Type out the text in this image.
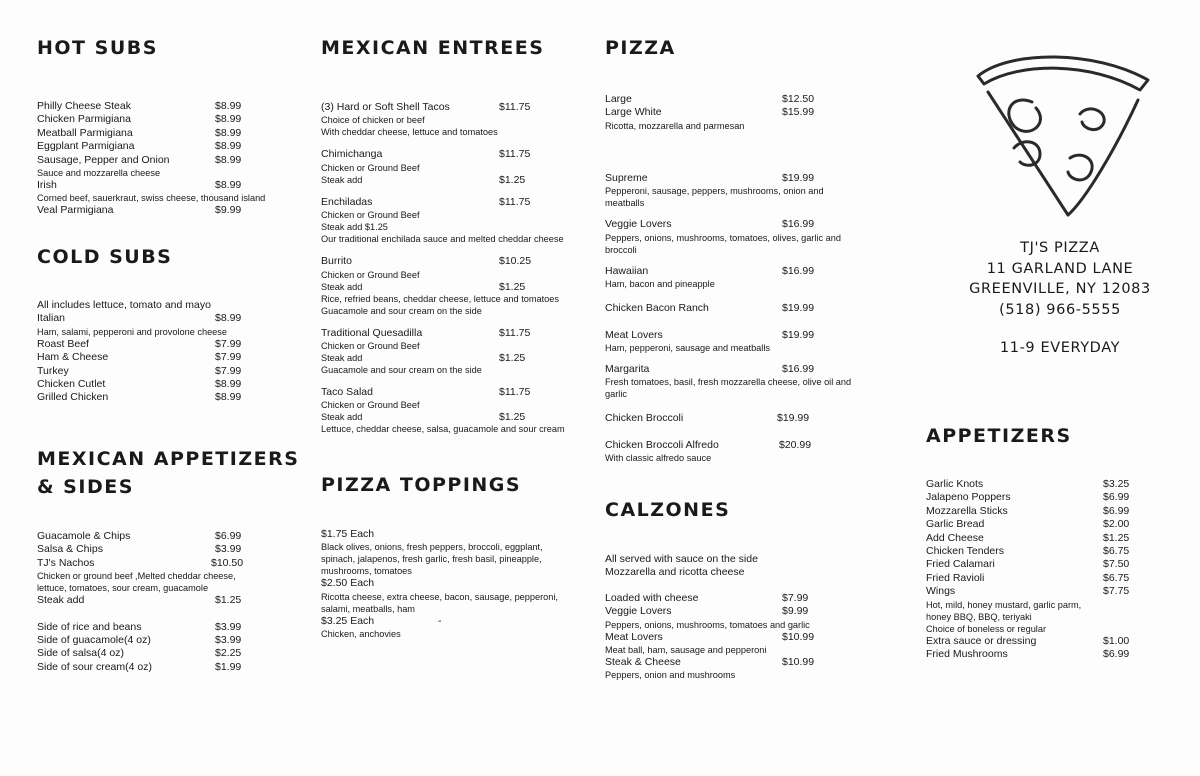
HOT SUBS
Philly Cheese Steak	$8.99
Chicken Parmigiana	$8.99
Meatball Parmigiana	$8.99
Eggplant Parmigiana	$8.99
Sausage, Pepper and Onion	$8.99
Sauce and mozzarella cheese
Irish	$8.99
Corned beef, sauerkraut, swiss cheese, thousand island
Veal Parmigiana	$9.99
COLD SUBS
All includes lettuce, tomato and mayo
Italian	$8.99
Ham, salami, pepperoni and provolone cheese
Roast Beef	$7.99
Ham & Cheese	$7.99
Turkey	$7.99
Chicken Cutlet	$8.99
Grilled Chicken	$8.99
MEXICAN APPETIZERS
& SIDES
Guacamole & Chips	$6.99
Salsa & Chips	$3.99
TJ's Nachos	$10.50
Chicken or ground beef ,Melted cheddar cheese,
lettuce, tomatoes, sour cream, guacamole
Steak add	$1.25
Side of rice and beans	$3.99
Side of guacamole(4 oz)	$3.99
Side of salsa(4 oz)	$2.25
Side of sour cream(4 oz)	$1.99
MEXICAN ENTREES
(3) Hard or Soft Shell Tacos	$11.75
Choice of chicken or beef
With cheddar cheese, lettuce and tomatoes
Chimichanga	$11.75
Chicken or Ground Beef
Steak add	$1.25
Enchiladas	$11.75
Chicken or Ground Beef
Steak add $1.25
Our traditional enchilada sauce and melted cheddar cheese
Burrito	$10.25
Chicken or Ground Beef
Steak add	$1.25
Rice, refried beans, cheddar cheese, lettuce and tomatoes
Guacamole and sour cream on the side
Traditional Quesadilla	$11.75
Chicken or Ground Beef
Steak add	$1.25
Guacamole and sour cream on the side
Taco Salad	$11.75
Chicken or Ground Beef
Steak add	$1.25
Lettuce, cheddar cheese, salsa, guacamole and sour cream
PIZZA TOPPINGS
$1.75 Each
Black olives, onions, fresh peppers, broccoli, eggplant,
spinach, jalapenos, fresh garlic, fresh basil, pineapple,
mushrooms, tomatoes
$2.50 Each
Ricotta cheese, extra cheese, bacon, sausage, pepperoni,
salami, meatballs, ham
$3.25 Each	-
Chicken, anchovies
PIZZA
Large	$12.50
Large White	$15.99
Ricotta, mozzarella and parmesan
Supreme	$19.99
Pepperoni, sausage, peppers, mushrooms, onion and
meatballs
Veggie Lovers	$16.99
Peppers, onions, mushrooms, tomatoes, olives, garlic and
broccoli
Hawaiian	$16.99
Ham, bacon and pineapple
Chicken Bacon Ranch	$19.99
Meat Lovers	$19.99
Ham, pepperoni, sausage and meatballs
Margarita	$16.99
Fresh tomatoes, basil, fresh mozzarella cheese, olive oil and
garlic
Chicken Broccoli	$19.99
Chicken Broccoli Alfredo	$20.99
With classic alfredo sauce
CALZONES
All served with sauce on the side
Mozzarella and ricotta cheese
Loaded with cheese	$7.99
Veggie Lovers	$9.99
Peppers, onions, mushrooms, tomatoes and garlic
Meat Lovers	$10.99
Meat ball, ham, sausage and pepperoni
Steak & Cheese	$10.99
Peppers, onion and mushrooms
TJ'S PIZZA
11 GARLAND LANE
GREENVILLE, NY 12083
(518) 966-5555
11-9 EVERYDAY
APPETIZERS
Garlic Knots	$3.25
Jalapeno Poppers	$6.99
Mozzarella Sticks	$6.99
Garlic Bread	$2.00
Add Cheese	$1.25
Chicken Tenders	$6.75
Fried Calamari	$7.50
Fried Ravioli	$6.75
Wings	$7.75
Hot, mild, honey mustard, garlic parm,
honey BBQ, BBQ, teriyaki
Choice of boneless or regular
Extra sauce or dressing	$1.00
Fried Mushrooms	$6.99
